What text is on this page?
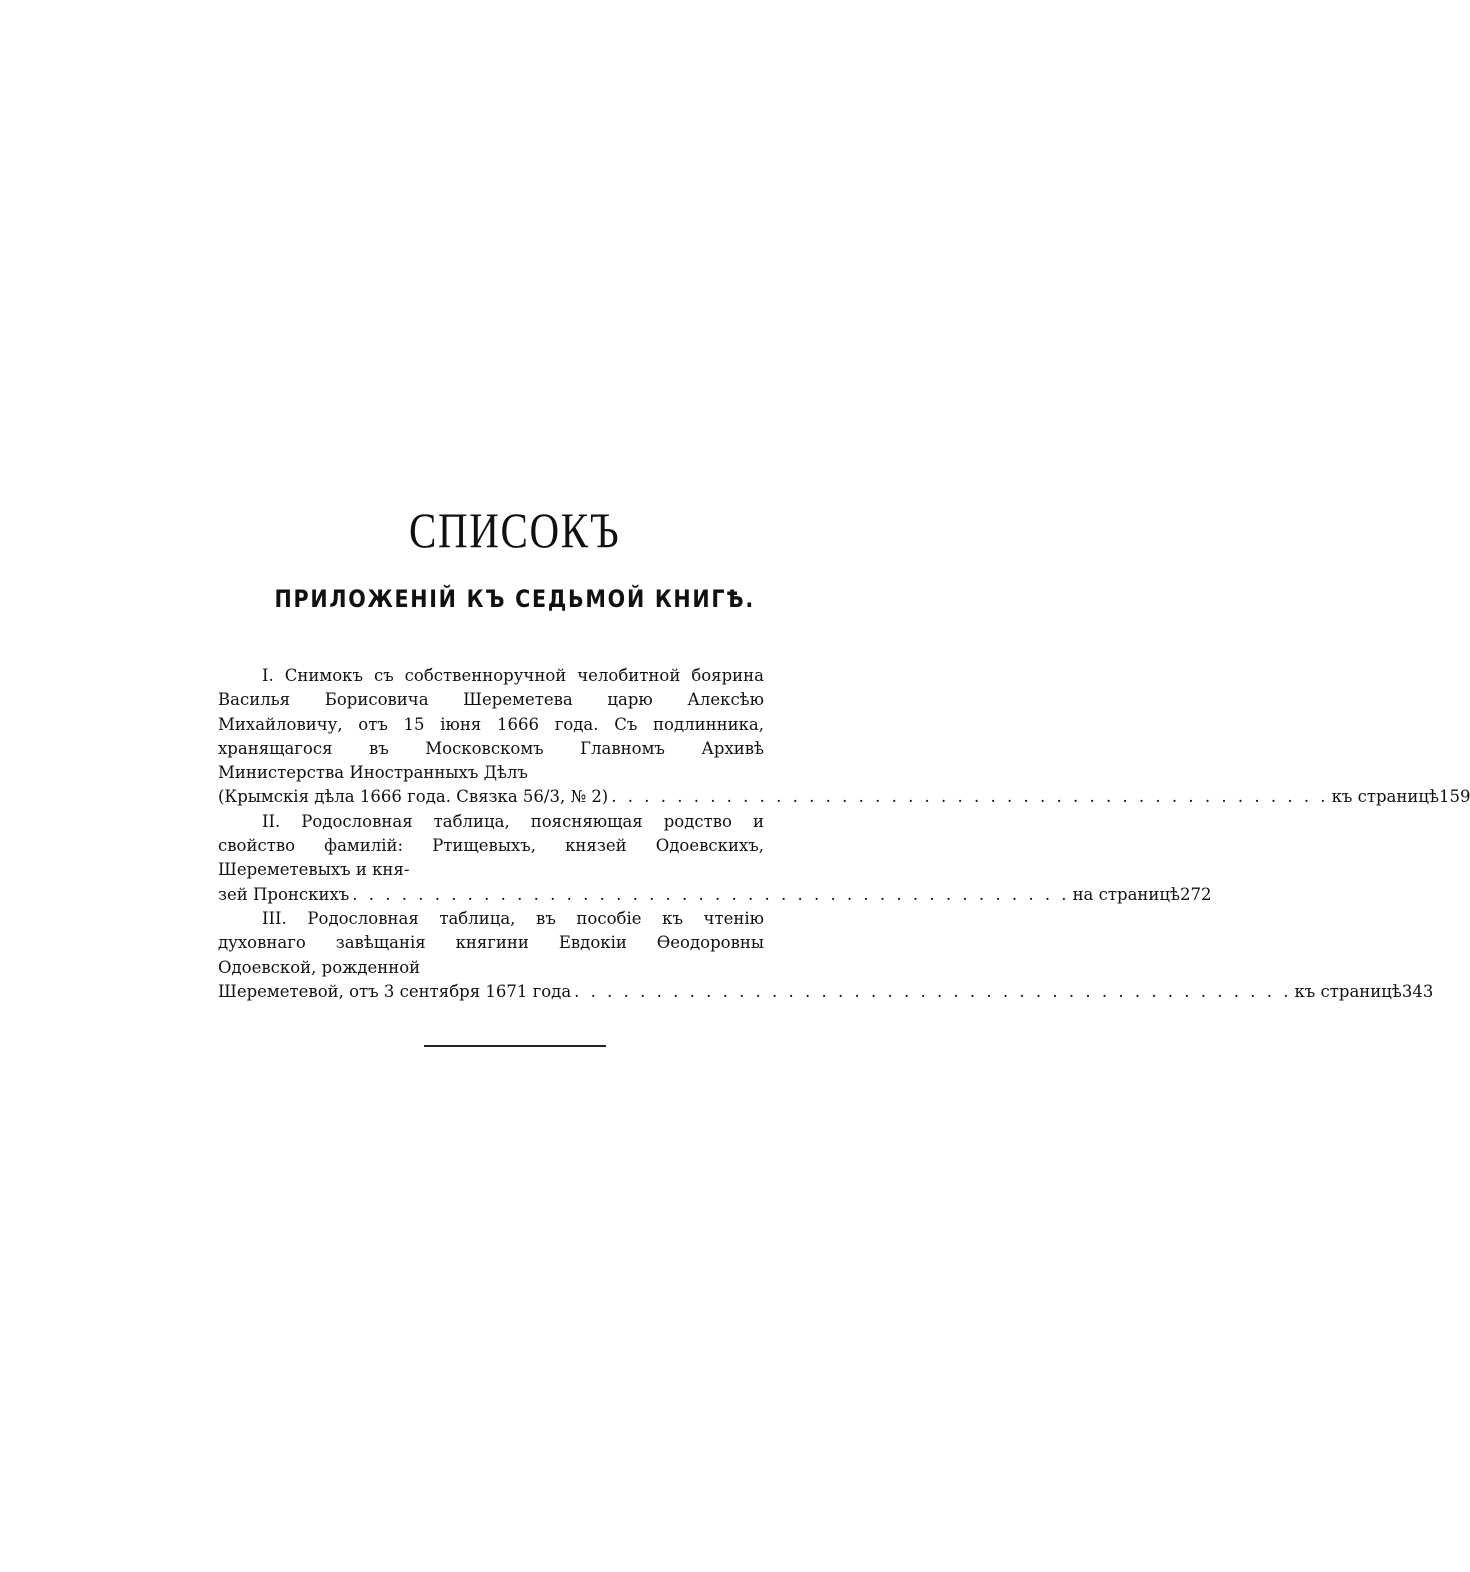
СПИСОКЪ
ПРИЛОЖЕНІЙ КЪ СЕДЬМОЙ КНИГѢ.
I. Снимокъ съ собственноручной челобитной боярина Василья Борисовича Шереметева царю Алексѣю Михайловичу, отъ 15 іюня 1666 года. Съ подлинника, хранящагося въ Московскомъ Главномъ Архивѣ Министерства Иностранныхъ Дѣлъ
(Крымскія дѣла 1666 года. Связка 56/3, № 2) . . . . . . . . . . . . . . . . . . . . . . . . . . . . . . . . . . . . . . . . . . . . къ страницѣ 159
II. Родословная таблица, поясняющая родство и свойство фамилій: Ртищевыхъ, князей Одоевскихъ, Шереметевыхъ и кня-
зей Пронскихъ . . . . . . . . . . . . . . . . . . . . . . . . . . . . . . . . . . . . . . . . . . . . на страницѣ 272
III. Родословная таблица, въ пособіе къ чтенію духовнаго завѣщанія княгини Евдокіи Ѳеодоровны Одоевской, рожденной
Шереметевой, отъ 3 сентября 1671 года . . . . . . . . . . . . . . . . . . . . . . . . . . . . . . . . . . . . . . . . . . . . къ страницѣ 343
